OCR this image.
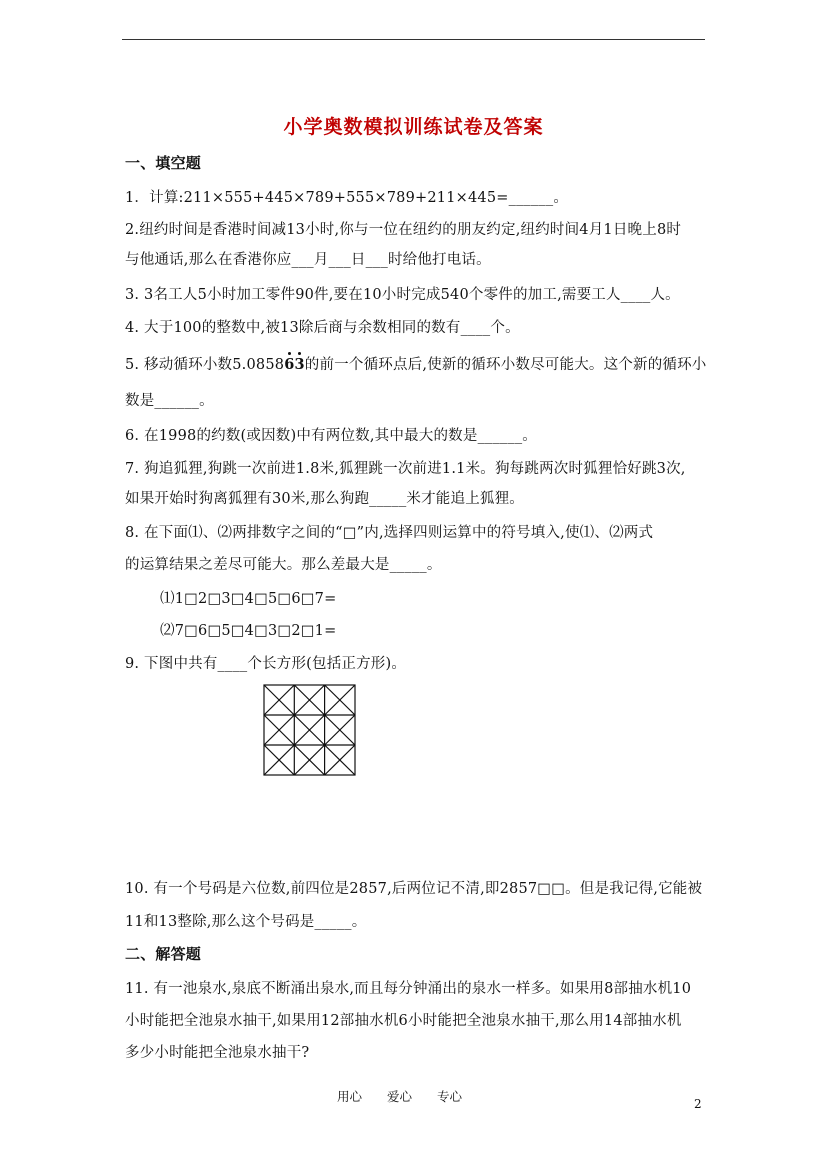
小学奥数模拟训练试卷及答案
一、填空题
1．计算:211×555+445×789+555×789+211×445=______。
2.纽约时间是香港时间减13小时,你与一位在纽约的朋友约定,纽约时间4月1日晚上8时
与他通话,那么在香港你应___月___日___时给他打电话。
3. 3名工人5小时加工零件90件,要在10小时完成540个零件的加工,需要工人____人。
4. 大于100的整数中,被13除后商与余数相同的数有____个。
5. 移动循环小数5.08586
3
的前一个循环点后,使新的循环小数尽可能大。这个新的循环小
数是______。
6. 在1998的约数(或因数)中有两位数,其中最大的数是______。
7. 狗追狐狸,狗跳一次前进1.8米,狐狸跳一次前进1.1米。狗每跳两次时狐狸恰好跳3次,
如果开始时狗离狐狸有30米,那么狗跑_____米才能追上狐狸。
8. 在下面⑴、⑵两排数字之间的“□”内,选择四则运算中的符号填入,使⑴、⑵两式
的运算结果之差尽可能大。那么差最大是_____。
⑴1□2□3□4□5□6□7=
⑵7□6□5□4□3□2□1=
9. 下图中共有____个长方形(包括正方形)。
10. 有一个号码是六位数,前四位是2857,后两位记不清,即2857□□。但是我记得,它能被
11和13整除,那么这个号码是_____。
二、解答题
11. 有一池泉水,泉底不断涌出泉水,而且每分钟涌出的泉水一样多。如果用8部抽水机10
小时能把全池泉水抽干,如果用12部抽水机6小时能把全池泉水抽干,那么用14部抽水机
多少小时能把全池泉水抽干?
用心 爱心 专心	2
